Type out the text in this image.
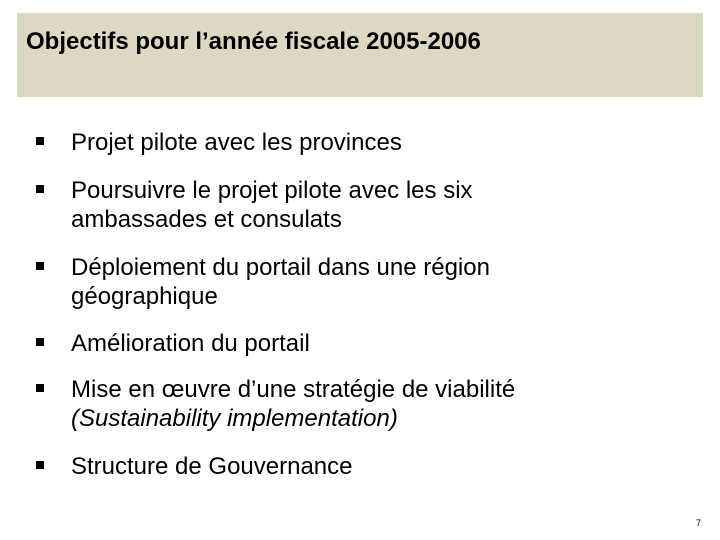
Objectifs pour l’année fiscale 2005-2006
Projet pilote avec les provinces
Poursuivre le projet pilote avec les six
ambassades et consulats
Déploiement du portail dans une région
géographique
Amélioration du portail
Mise en œuvre d’une stratégie de viabilité
(Sustainability implementation)
Structure de Gouvernance
7
